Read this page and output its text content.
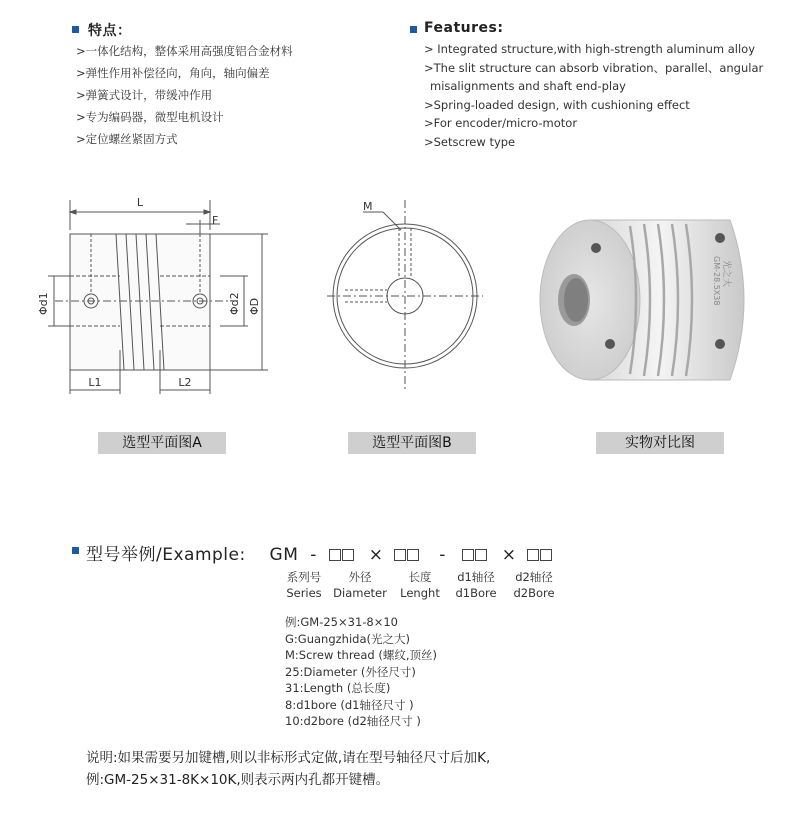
特点：
>一体化结构，整体采用高强度铝合金材料
>弹性作用补偿径向，角向，轴向偏差
>弹簧式设计，带缓冲作用
>专为编码器，微型电机设计
>定位螺丝紧固方式
Features:
> Integrated structure,with high-strength aluminum alloy
>The slit structure can absorb vibration、parallel、angular
misalignments and shaft end-play
>Spring-loaded design, with cushioning effect
>For encoder/micro-motor
>Setscrew type
L
F
Φd1	Φd2 ΦD
L1	L2
M
光之大
GM-28.5X38
选型平面图A	选型平面图B	实物对比图
型号举例/Example: GM -	×	-	×
系列号
Series
外径
Diameter
长度
Lenght
d1轴径
d1Bore
d2轴径
d2Bore
例:GM-25×31-8×10
G:Guangzhida(光之大)
M:Screw thread (螺纹,顶丝)
25:Diameter (外径尺寸)
31:Length (总长度)
8:d1bore (d1轴径尺寸 )
10:d2bore (d2轴径尺寸 )
说明:如果需要另加键槽,则以非标形式定做,请在型号轴径尺寸后加K,
例:GM-25×31-8K×10K,则表示两内孔都开键槽。
